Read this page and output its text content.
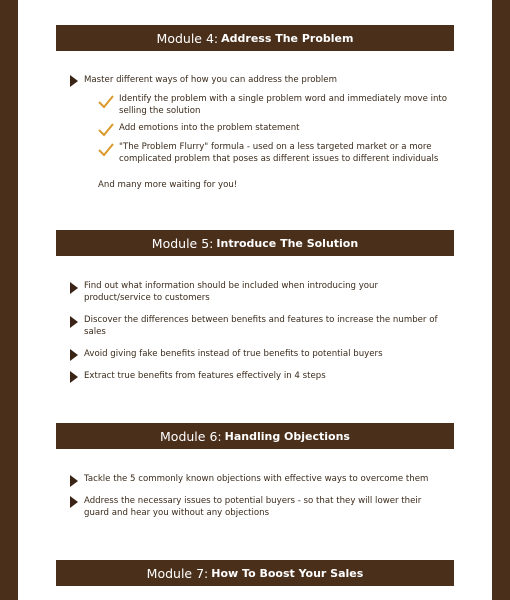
Module 4: Address The Problem
Master different ways of how you can address the problem
Identify the problem with a single problem word and immediately move into selling the solution
Add emotions into the problem statement
"The Problem Flurry" formula - used on a less targeted market or a more complicated problem that poses as different issues to different individuals
And many more waiting for you!
Module 5: Introduce The Solution
Find out what information should be included when introducing your product/service to customers
Discover the differences between benefits and features to increase the number of sales
Avoid giving fake benefits instead of true benefits to potential buyers
Extract true benefits from features effectively in 4 steps
Module 6: Handling Objections
Tackle the 5 commonly known objections with effective ways to overcome them
Address the necessary issues to potential buyers - so that they will lower their guard and hear you without any objections
Module 7: How To Boost Your Sales
